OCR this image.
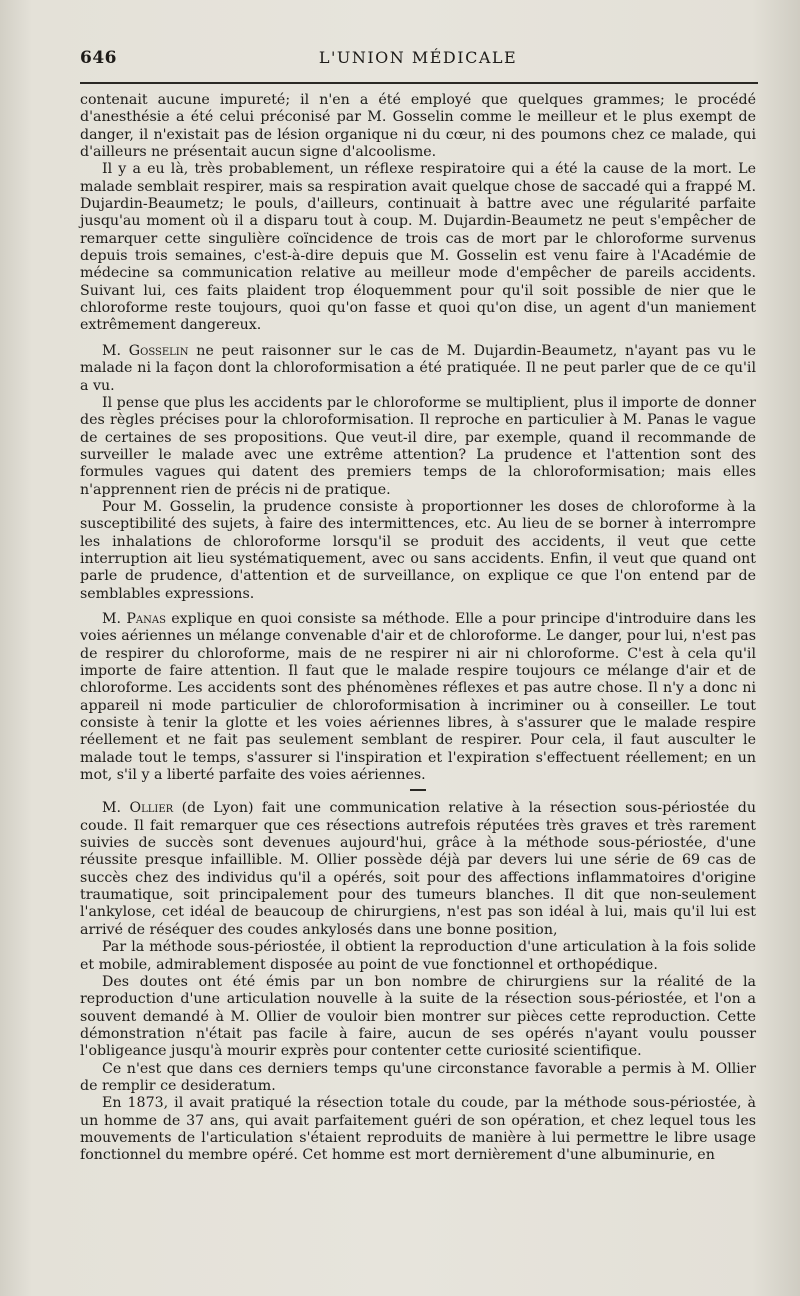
646	L'UNION MÉDICALE

contenait aucune impureté; il n'en a été employé que quelques grammes; le procédé d'anesthésie a été celui préconisé par M. Gosselin comme le meilleur et le plus exempt de danger, il n'existait pas de lésion organique ni du cœur, ni des poumons chez ce malade, qui d'ailleurs ne présentait aucun signe d'alcoolisme.

Il y a eu là, très probablement, un réflexe respiratoire qui a été la cause de la mort. Le malade semblait respirer, mais sa respiration avait quelque chose de saccadé qui a frappé M. Dujardin-Beaumetz; le pouls, d'ailleurs, continuait à battre avec une régularité parfaite jusqu'au moment où il a disparu tout à coup. M. Dujardin-Beaumetz ne peut s'empêcher de remarquer cette singulière coïncidence de trois cas de mort par le chloroforme survenus depuis trois semaines, c'est-à-dire depuis que M. Gosselin est venu faire à l'Académie de médecine sa communication relative au meilleur mode d'empêcher de pareils accidents. Suivant lui, ces faits plaident trop éloquemment pour qu'il soit possible de nier que le chloroforme reste toujours, quoi qu'on fasse et quoi qu'on dise, un agent d'un maniement extrêmement dangereux.

M. Gosselin ne peut raisonner sur le cas de M. Dujardin-Beaumetz, n'ayant pas vu le malade ni la façon dont la chloroformisation a été pratiquée. Il ne peut parler que de ce qu'il a vu.

Il pense que plus les accidents par le chloroforme se multiplient, plus il importe de donner des règles précises pour la chloroformisation. Il reproche en particulier à M. Panas le vague de certaines de ses propositions. Que veut-il dire, par exemple, quand il recommande de surveiller le malade avec une extrême attention? La prudence et l'attention sont des formules vagues qui datent des premiers temps de la chloroformisation; mais elles n'apprennent rien de précis ni de pratique.

Pour M. Gosselin, la prudence consiste à proportionner les doses de chloroforme à la susceptibilité des sujets, à faire des intermittences, etc. Au lieu de se borner à interrompre les inhalations de chloroforme lorsqu'il se produit des accidents, il veut que cette interruption ait lieu systématiquement, avec ou sans accidents. Enfin, il veut que quand ont parle de prudence, d'attention et de surveillance, on explique ce que l'on entend par de semblables expressions.

M. Panas explique en quoi consiste sa méthode. Elle a pour principe d'introduire dans les voies aériennes un mélange convenable d'air et de chloroforme. Le danger, pour lui, n'est pas de respirer du chloroforme, mais de ne respirer ni air ni chloroforme. C'est à cela qu'il importe de faire attention. Il faut que le malade respire toujours ce mélange d'air et de chloroforme. Les accidents sont des phénomènes réflexes et pas autre chose. Il n'y a donc ni appareil ni mode particulier de chloroformisation à incriminer ou à conseiller. Le tout consiste à tenir la glotte et les voies aériennes libres, à s'assurer que le malade respire réellement et ne fait pas seulement semblant de respirer. Pour cela, il faut ausculter le malade tout le temps, s'assurer si l'inspiration et l'expiration s'effectuent réellement; en un mot, s'il y a liberté parfaite des voies aériennes.

M. Ollier (de Lyon) fait une communication relative à la résection sous-périostée du coude. Il fait remarquer que ces résections autrefois réputées très graves et très rarement suivies de succès sont devenues aujourd'hui, grâce à la méthode sous-périostée, d'une réussite presque infaillible. M. Ollier possède déjà par devers lui une série de 69 cas de succès chez des individus qu'il a opérés, soit pour des affections inflammatoires d'origine traumatique, soit principalement pour des tumeurs blanches. Il dit que non-seulement l'ankylose, cet idéal de beaucoup de chirurgiens, n'est pas son idéal à lui, mais qu'il lui est arrivé de réséquer des coudes ankylosés dans une bonne position,

Par la méthode sous-périostée, il obtient la reproduction d'une articulation à la fois solide et mobile, admirablement disposée au point de vue fonctionnel et orthopédique.

Des doutes ont été émis par un bon nombre de chirurgiens sur la réalité de la reproduction d'une articulation nouvelle à la suite de la résection sous-périostée, et l'on a souvent demandé à M. Ollier de vouloir bien montrer sur pièces cette reproduction. Cette démonstration n'était pas facile à faire, aucun de ses opérés n'ayant voulu pousser l'obligeance jusqu'à mourir exprès pour contenter cette curiosité scientifique.

Ce n'est que dans ces derniers temps qu'une circonstance favorable a permis à M. Ollier de remplir ce desideratum.

En 1873, il avait pratiqué la résection totale du coude, par la méthode sous-périostée, à un homme de 37 ans, qui avait parfaitement guéri de son opération, et chez lequel tous les mouvements de l'articulation s'étaient reproduits de manière à lui permettre le libre usage fonctionnel du membre opéré. Cet homme est mort dernièrement d'une albuminurie, en
